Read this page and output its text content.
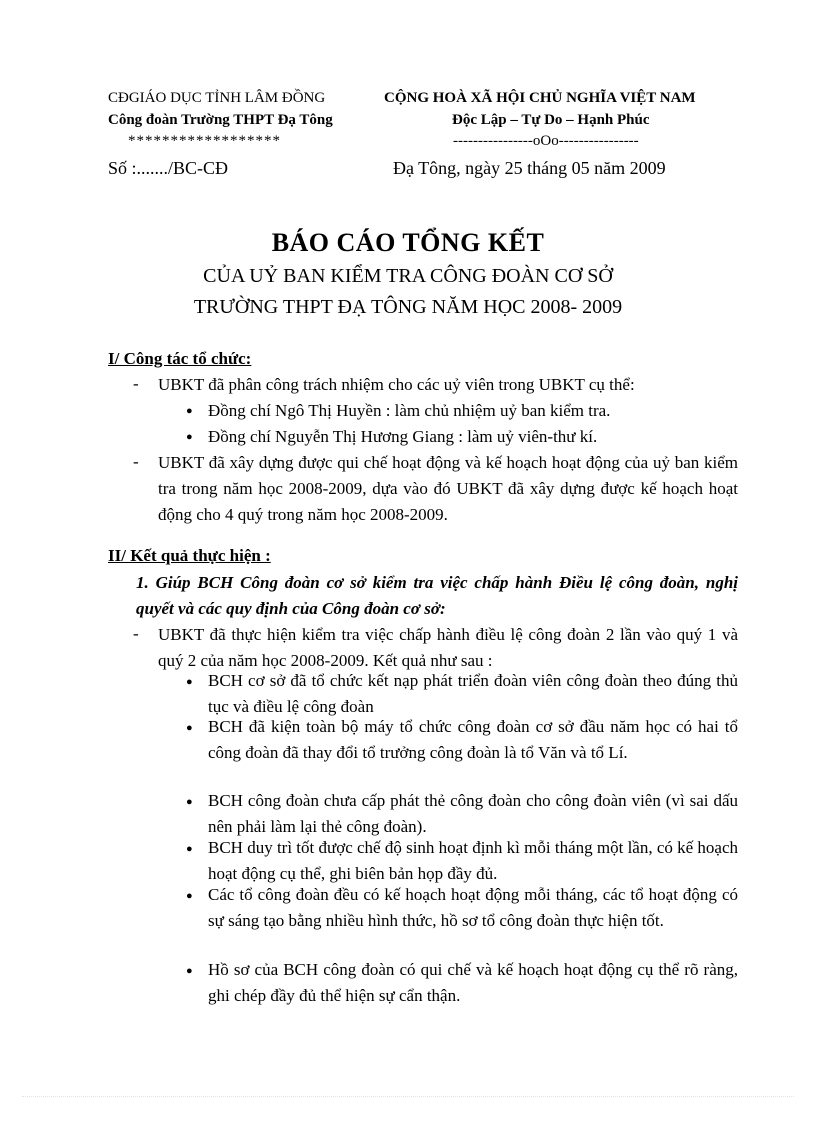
CĐGIÁO DỤC TỈNH LÂM ĐỒNG
Công đoàn Trường THPT Đạ Tông
******************
Số :......./BC-CĐ
CỘNG HOÀ XÃ HỘI CHỦ NGHĨA VIỆT NAM
Độc Lập – Tự Do – Hạnh Phúc
----------------oOo----------------
Đạ Tông, ngày 25 tháng 05 năm 2009
BÁO CÁO TỔNG KẾT
CỦA UỶ BAN KIỂM TRA CÔNG ĐOÀN CƠ SỞ
TRƯỜNG THPT ĐẠ TÔNG NĂM HỌC 2008- 2009
I/ Công tác tổ chức:
- UBKT đã phân công trách nhiệm cho các uỷ viên trong UBKT cụ thể:
● Đồng chí Ngô Thị Huyền : làm chủ nhiệm uỷ ban kiểm tra.
● Đồng chí Nguyễn Thị Hương Giang : làm uỷ viên-thư kí.
- UBKT đã xây dựng được qui chế hoạt động và kế hoạch hoạt động của uỷ ban kiểm tra trong năm học 2008-2009, dựa vào đó UBKT đã xây dựng được kế hoạch hoạt động cho 4 quý trong năm học 2008-2009.
II/ Kết quả thực hiện :
1. Giúp BCH Công đoàn cơ sở kiểm tra việc chấp hành Điều lệ công đoàn, nghị quyết và các quy định của Công đoàn cơ sở:
- UBKT đã thực hiện kiểm tra việc chấp hành điều lệ công đoàn 2 lần vào quý 1 và quý 2 của năm học 2008-2009. Kết quả như sau :
● BCH cơ sở đã tổ chức kết nạp phát triển đoàn viên công đoàn theo đúng thủ tục và điều lệ công đoàn
● BCH đã kiện toàn bộ máy tổ chức công đoàn cơ sở đầu năm học có hai tổ công đoàn đã thay đổi tổ trưởng công đoàn là tổ Văn và tổ Lí.
● BCH công đoàn chưa cấp phát thẻ công đoàn cho công đoàn viên (vì sai dấu nên phải làm lại thẻ công đoàn).
● BCH duy trì tốt được chế độ sinh hoạt định kì mỗi tháng một lần, có kế hoạch hoạt động cụ thể, ghi biên bản họp đầy đủ.
● Các tổ công đoàn đều có kế hoạch hoạt động mỗi tháng, các tổ hoạt động có sự sáng tạo bằng nhiều hình thức, hồ sơ tổ công đoàn thực hiện tốt.
● Hồ sơ của BCH công đoàn có qui chế và kế hoạch hoạt động cụ thể rõ ràng, ghi chép đầy đủ thể hiện sự cẩn thận.
